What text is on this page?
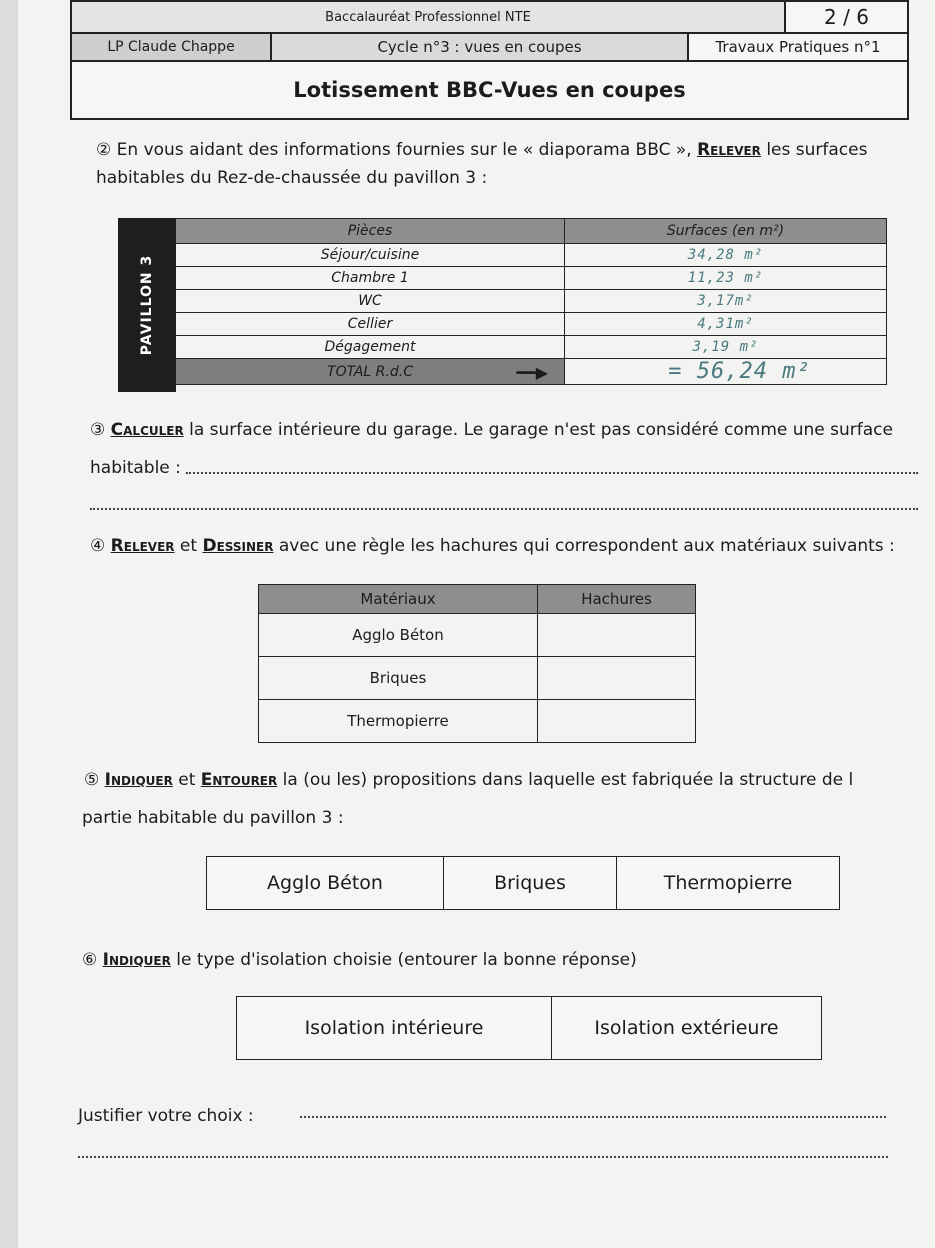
Baccalauréat Professionnel NTE	2 / 6
LP Claude Chappe	Cycle n°3 : vues en coupes	Travaux Pratiques n°1
Lotissement BBC-Vues en coupes
② En vous aidant des informations fournies sur le « diaporama BBC », Relever les surfaces
habitables du Rez-de-chaussée du pavillon 3 :
PAVILLON 3
Pièces	Surfaces (en m²)
Séjour/cuisine	34,28 m²
Chambre 1	11,23 m²
WC	3,17m²
Cellier	4,31m²
Dégagement	3,19 m²
TOTAL R.d.C ━━▶	= 56,24 m²
③ Calculer la surface intérieure du garage. Le garage n'est pas considéré comme une surface
habitable :
④ Relever et Dessiner avec une règle les hachures qui correspondent aux matériaux suivants :
Matériaux	Hachures
Agglo Béton	
Briques	
Thermopierre	
⑤ Indiquer et Entourer la (ou les) propositions dans laquelle est fabriquée la structure de l
partie habitable du pavillon 3 :
Agglo Béton	Briques	Thermopierre
⑥ Indiquer le type d'isolation choisie (entourer la bonne réponse)
Isolation intérieure	Isolation extérieure
Justifier votre choix :
